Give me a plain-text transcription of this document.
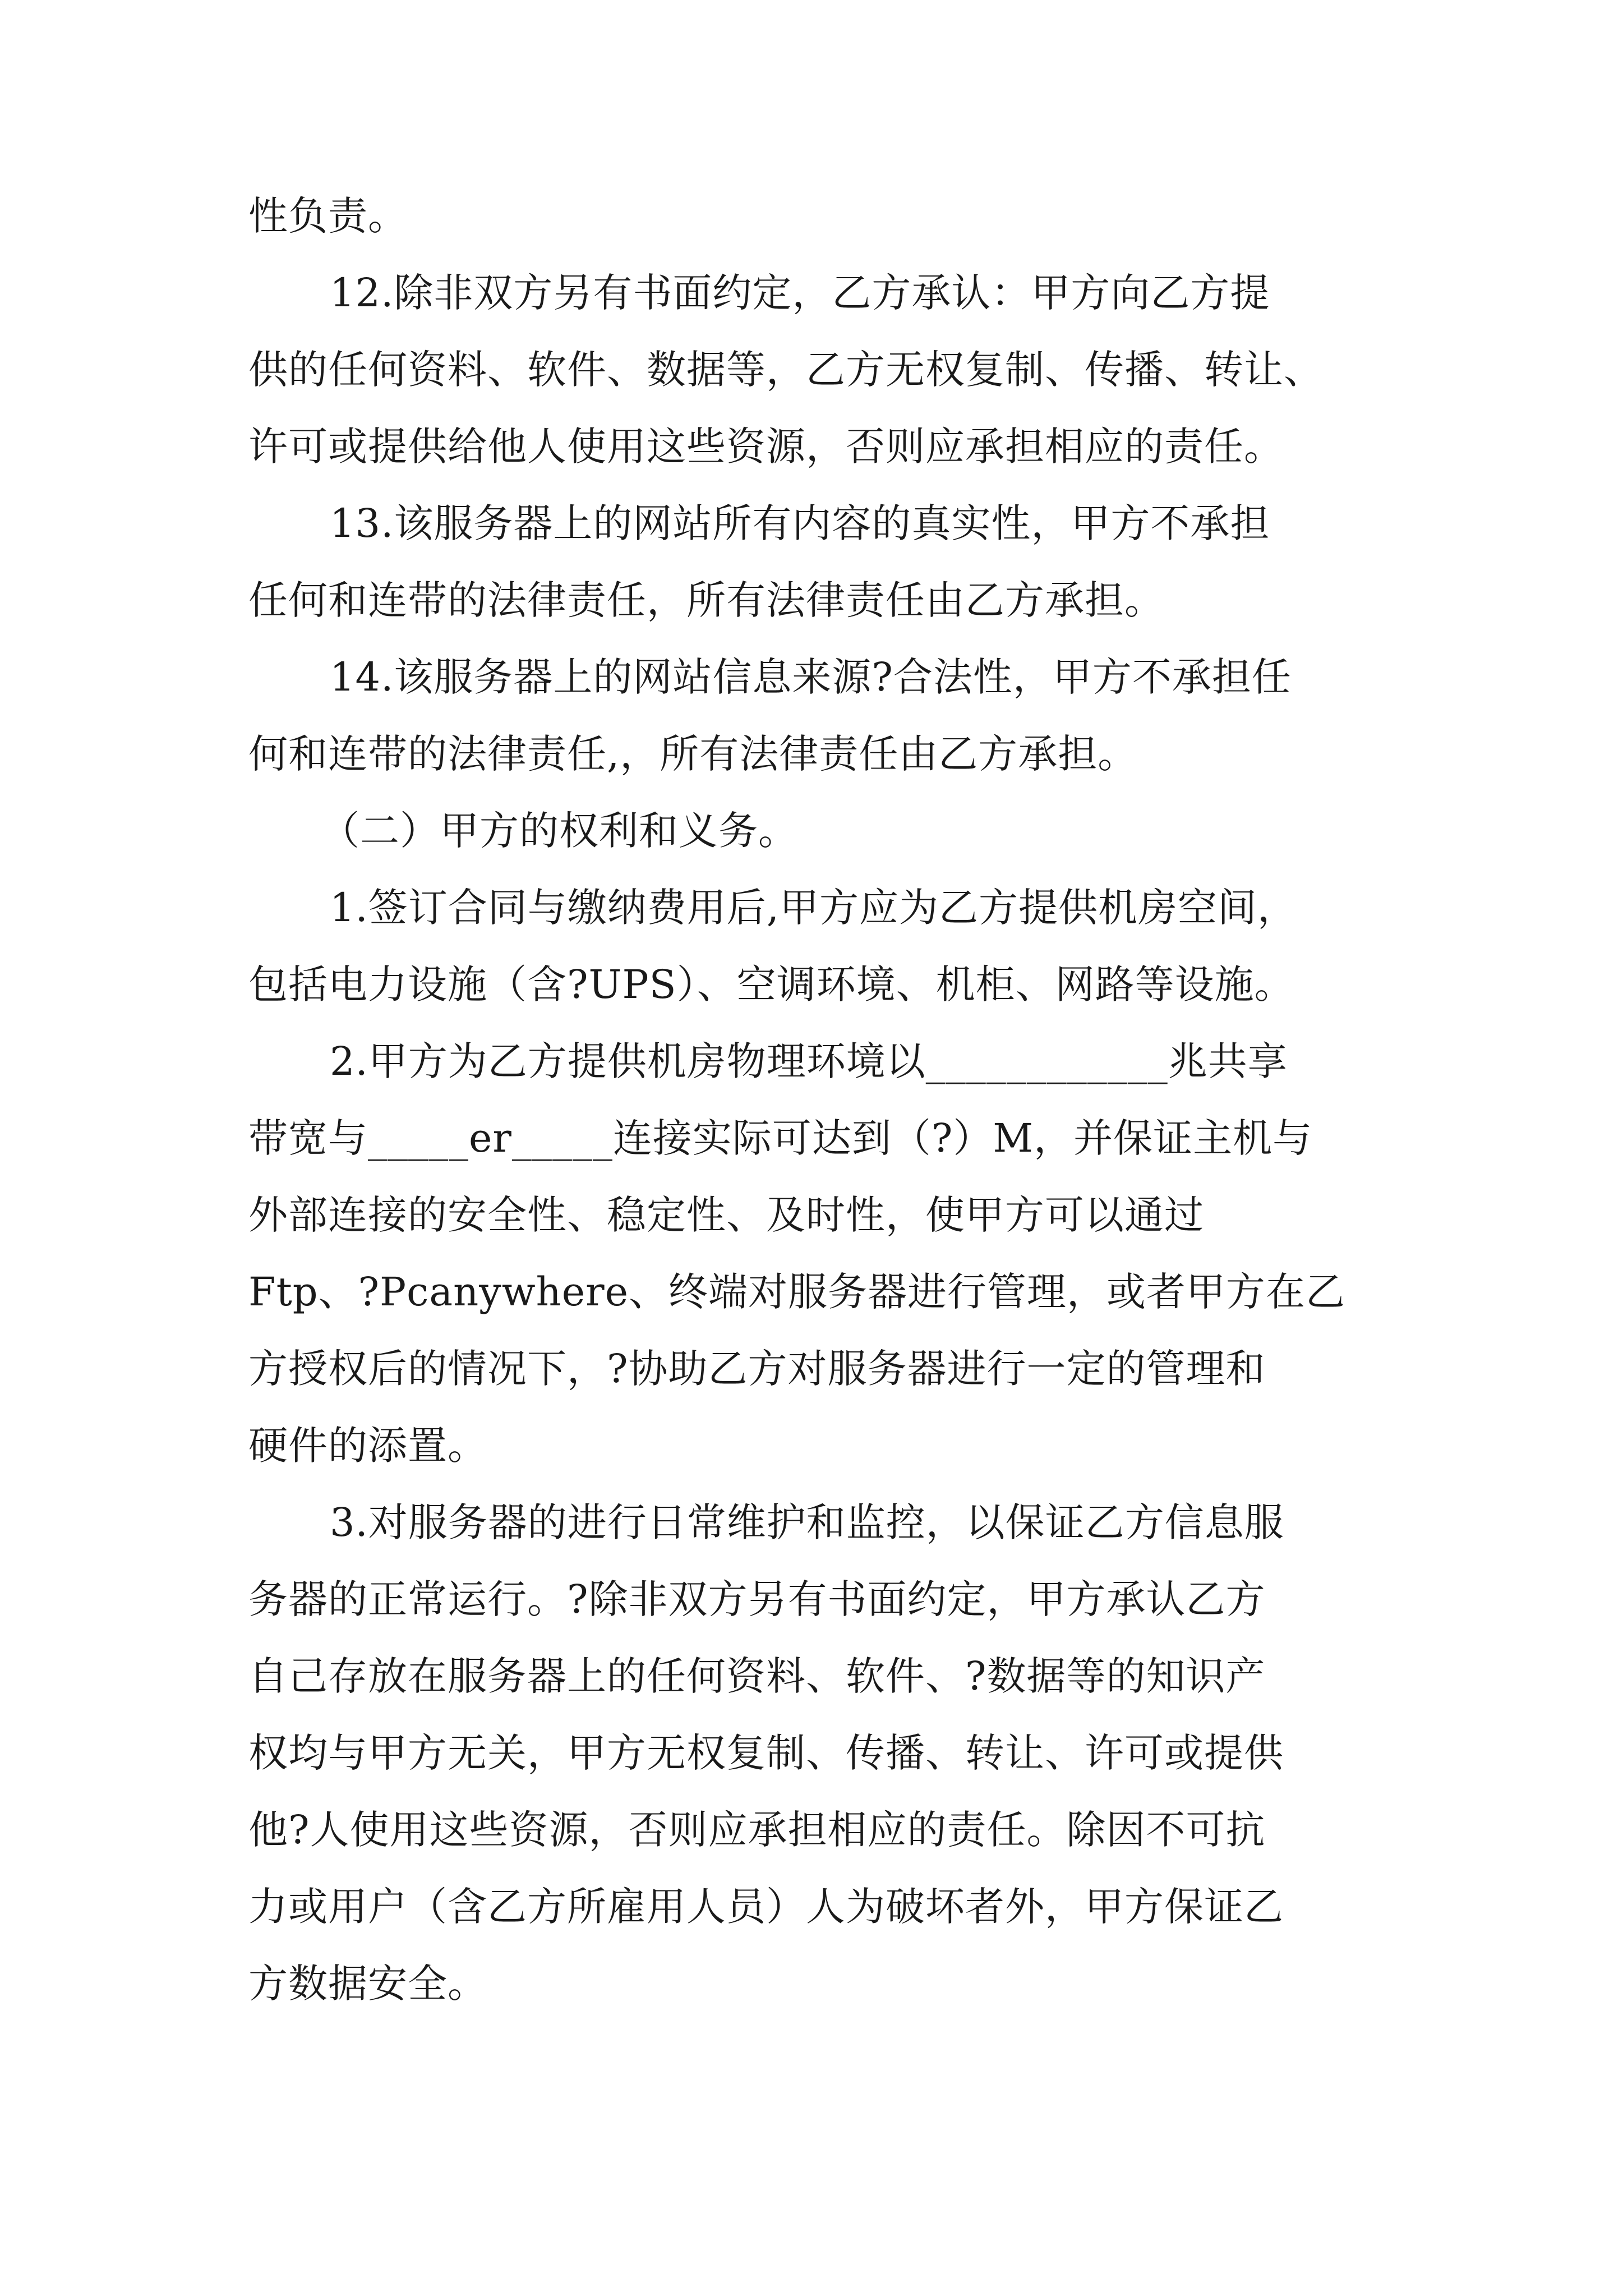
性负责。
12.除非双方另有书面约定，乙方承认：甲方向乙方提
供的任何资料、软件、数据等，乙方无权复制、传播、转让、
许可或提供给他人使用这些资源，否则应承担相应的责任。
13.该服务器上的网站所有内容的真实性，甲方不承担
任何和连带的法律责任，所有法律责任由乙方承担。
14.该服务器上的网站信息来源?合法性，甲方不承担任
何和连带的法律责任,，所有法律责任由乙方承担。
（二）甲方的权利和义务。
1.签订合同与缴纳费用后,甲方应为乙方提供机房空间，
包括电力设施（含?UPS）、空调环境、机柜、网路等设施。
2.甲方为乙方提供机房物理环境以____________兆共享
带宽与_____er_____连接实际可达到（?）M，并保证主机与
外部连接的安全性、稳定性、及时性，使甲方可以通过
Ftp、?Pcanywhere、终端对服务器进行管理，或者甲方在乙
方授权后的情况下，?协助乙方对服务器进行一定的管理和
硬件的添置。
3.对服务器的进行日常维护和监控，以保证乙方信息服
务器的正常运行。?除非双方另有书面约定，甲方承认乙方
自己存放在服务器上的任何资料、软件、?数据等的知识产
权均与甲方无关，甲方无权复制、传播、转让、许可或提供
他?人使用这些资源，否则应承担相应的责任。除因不可抗
力或用户（含乙方所雇用人员）人为破坏者外，甲方保证乙
方数据安全。
